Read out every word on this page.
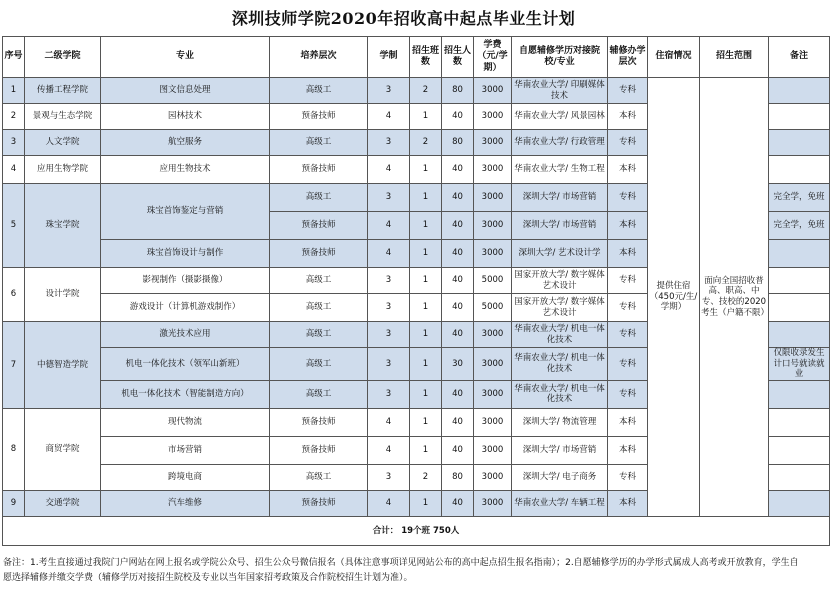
深圳技师学院2020年招收高中起点毕业生计划
序号	二级学院	专业	培养层次	学制	招生班数	招生人数	学费（元/学期）	自愿辅修学历对接院校/专业	辅修办学层次	住宿情况	招生范围	备注
1	传播工程学院	图文信息处理	高级工	3	2	80	3000	华南农业大学/ 印刷媒体技术	专科	提供住宿（450元/生/学期）	面向全国招收普高、职高、中专、技校的2020考生（户籍不限）	
2	景观与生态学院	园林技术	预备技师	4	1	40	3000	华南农业大学/ 风景园林	本科			
3	人文学院	航空服务	高级工	3	2	80	3000	华南农业大学/ 行政管理	专科			
4	应用生物学院	应用生物技术	预备技师	4	1	40	3000	华南农业大学/ 生物工程	本科			
5	珠宝学院	珠宝首饰鉴定与营销	高级工	3	1	40	3000	深圳大学/ 市场营销	专科			完全学，免班
			预备技师	4	1	40	3000	深圳大学/ 市场营销	本科			完全学，免班
		珠宝首饰设计与制作	预备技师	4	1	40	3000	深圳大学/ 艺术设计学	本科			
6	设计学院	影视制作（摄影摄像）	高级工	3	1	40	5000	国家开放大学/ 数字媒体艺术设计	专科			
		游戏设计（计算机游戏制作）	高级工	3	1	40	5000	国家开放大学/ 数字媒体艺术设计	专科			
7	中德智造学院	激光技术应用	高级工	3	1	40	3000	华南农业大学/ 机电一体化技术	专科			
		机电一体化技术（领军山新班）	高级工	3	1	30	3000	华南农业大学/ 机电一体化技术	专科			仅限收录发生计口号就读就业
		机电一体化技术（智能制造方向）	高级工	3	1	40	3000	华南农业大学/ 机电一体化技术	专科			
8	商贸学院	现代物流	预备技师	4	1	40	3000	深圳大学/ 物流管理	本科			
		市场营销	预备技师	4	1	40	3000	深圳大学/ 市场营销	本科			
		跨境电商	高级工	3	2	80	3000	深圳大学/ 电子商务	专科			
9	交通学院	汽车维修	预备技师	4	1	40	3000	华南农业大学/ 车辆工程	本科			
合计： 19个班 750人												
备注：1.考生直接通过我院门户网站在网上报名或学院公众号、招生公众号微信报名（具体注意事项详见网站公布的高中起点招生报名指南）；2.自愿辅修学历的办学形式属成人高考或开放教育，学生自愿选择辅修并缴交学费（辅修学历对接招生院校及专业以当年国家招考政策及合作院校招生计划为准）。
